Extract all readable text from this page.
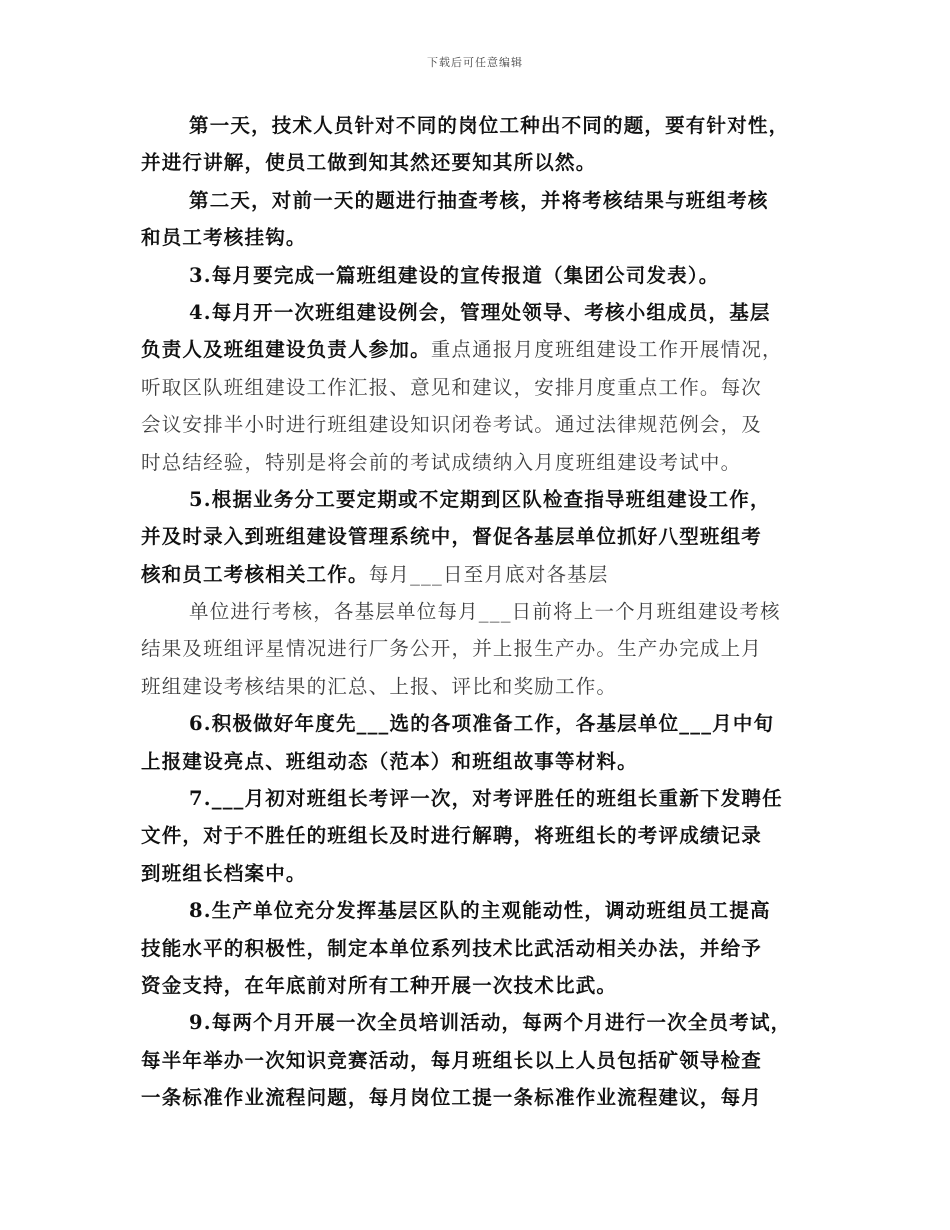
下载后可任意编辑
第一天，技术人员针对不同的岗位工种出不同的题，要有针对性，
并进行讲解，使员工做到知其然还要知其所以然。
第二天，对前一天的题进行抽查考核，并将考核结果与班组考核
和员工考核挂钩。
3.每月要完成一篇班组建设的宣传报道（集团公司发表）。
4.每月开一次班组建设例会，管理处领导、考核小组成员，基层
负责人及班组建设负责人参加。重点通报月度班组建设工作开展情况，
听取区队班组建设工作汇报、意见和建议，安排月度重点工作。每次
会议安排半小时进行班组建设知识闭卷考试。通过法律规范例会，及
时总结经验，特别是将会前的考试成绩纳入月度班组建设考试中。
5.根据业务分工要定期或不定期到区队检查指导班组建设工作，
并及时录入到班组建设管理系统中，督促各基层单位抓好八型班组考
核和员工考核相关工作。每月___日至月底对各基层
单位进行考核，各基层单位每月___日前将上一个月班组建设考核
结果及班组评星情况进行厂务公开，并上报生产办。生产办完成上月
班组建设考核结果的汇总、上报、评比和奖励工作。
6.积极做好年度先___选的各项准备工作，各基层单位___月中旬
上报建设亮点、班组动态（范本）和班组故事等材料。
7.___月初对班组长考评一次，对考评胜任的班组长重新下发聘任
文件，对于不胜任的班组长及时进行解聘，将班组长的考评成绩记录
到班组长档案中。
8.生产单位充分发挥基层区队的主观能动性，调动班组员工提高
技能水平的积极性，制定本单位系列技术比武活动相关办法，并给予
资金支持，在年底前对所有工种开展一次技术比武。
9.每两个月开展一次全员培训活动，每两个月进行一次全员考试，
每半年举办一次知识竞赛活动，每月班组长以上人员包括矿领导检查
一条标准作业流程问题，每月岗位工提一条标准作业流程建议，每月
